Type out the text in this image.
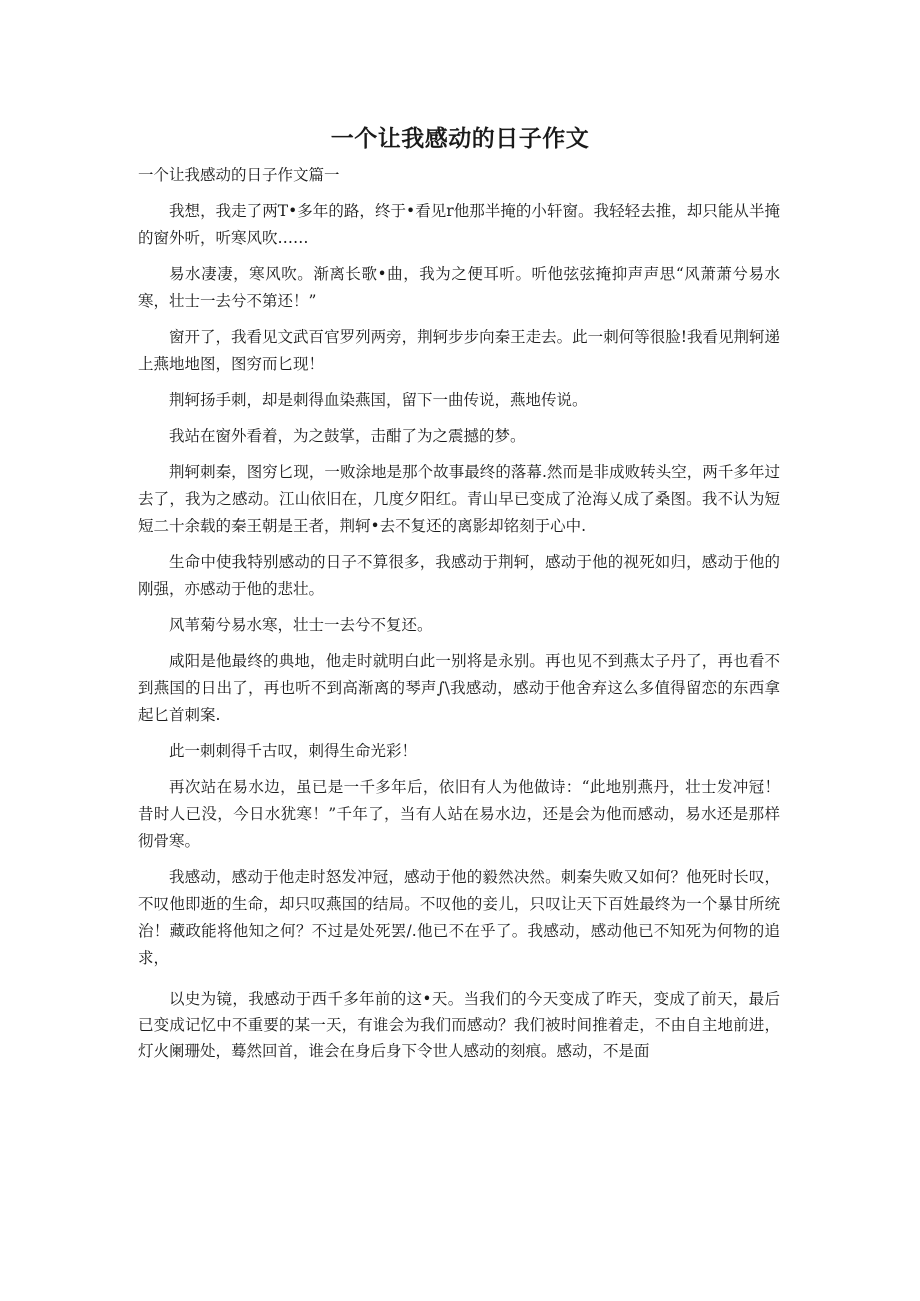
一个让我感动的日子作文

一个让我感动的日子作文篇一

我想，我走了两T•多年的路，终于•看见r他那半掩的小轩窗。我轻轻去推，却只能从半掩的窗外听，听寒风吹……

易水凄凄，寒风吹。渐离长歌•曲，我为之便耳听。听他弦弦掩抑声声思“风萧萧兮易水寒，壮士一去兮不第还！”

窗开了，我看见文武百官罗列两旁，荆轲步步向秦王走去。此一刺何等很脸!我看见荆轲递上燕地地图，图穷而匕现！

荆轲扬手刺，却是刺得血染燕国，留下一曲传说，燕地传说。

我站在窗外看着，为之鼓掌，击酣了为之震撼的梦。

荆轲刺秦，图穷匕现，一败涂地是那个故事最终的落幕.然而是非成败转头空，两千多年过去了，我为之感动。江山依旧在，几度夕阳红。青山早已变成了沧海乂成了桑图。我不认为短短二十余载的秦王朝是王者，荆轲•去不复还的离影却铭刻于心中.

生命中使我特别感动的日子不算很多，我感动于荆轲，感动于他的视死如归，感动于他的刚强，亦感动于他的悲壮。

风苇菊兮易水寒，壮士一去兮不复还。

咸阳是他最终的典地，他走时就明白此一别将是永别。再也见不到燕太子丹了，再也看不到燕国的日出了，再也听不到高渐离的琴声∫\我感动，感动于他舍弃这么多值得留恋的东西拿起匕首刺案.

此一刺刺得千古叹，刺得生命光彩！

再次站在易水边，虽已是一千多年后，依旧有人为他做诗：“此地别燕丹，壮士发冲冠！昔时人已没，今日水犹寒！”千年了，当有人站在易水边，还是会为他而感动，易水还是那样彻骨寒。

我感动，感动于他走时怒发冲冠，感动于他的毅然决然。刺秦失败又如何？他死时长叹，不叹他即逝的生命，却只叹燕国的结局。不叹他的妾儿，只叹让天下百姓最终为一个暴甘所统治！藏政能将他知之何？不过是处死罢/.他已不在乎了。我感动，感动他已不知死为何物的追求，

以史为镜，我感动于西千多年前的这•天。当我们的今天变成了昨天，变成了前天，最后已变成记忆中不重要的某一天，有谁会为我们而感动？我们被时间推着走，不由自主地前进，灯火阑珊处，蓦然回首，谁会在身后身下令世人感动的刻痕。感动，不是面
